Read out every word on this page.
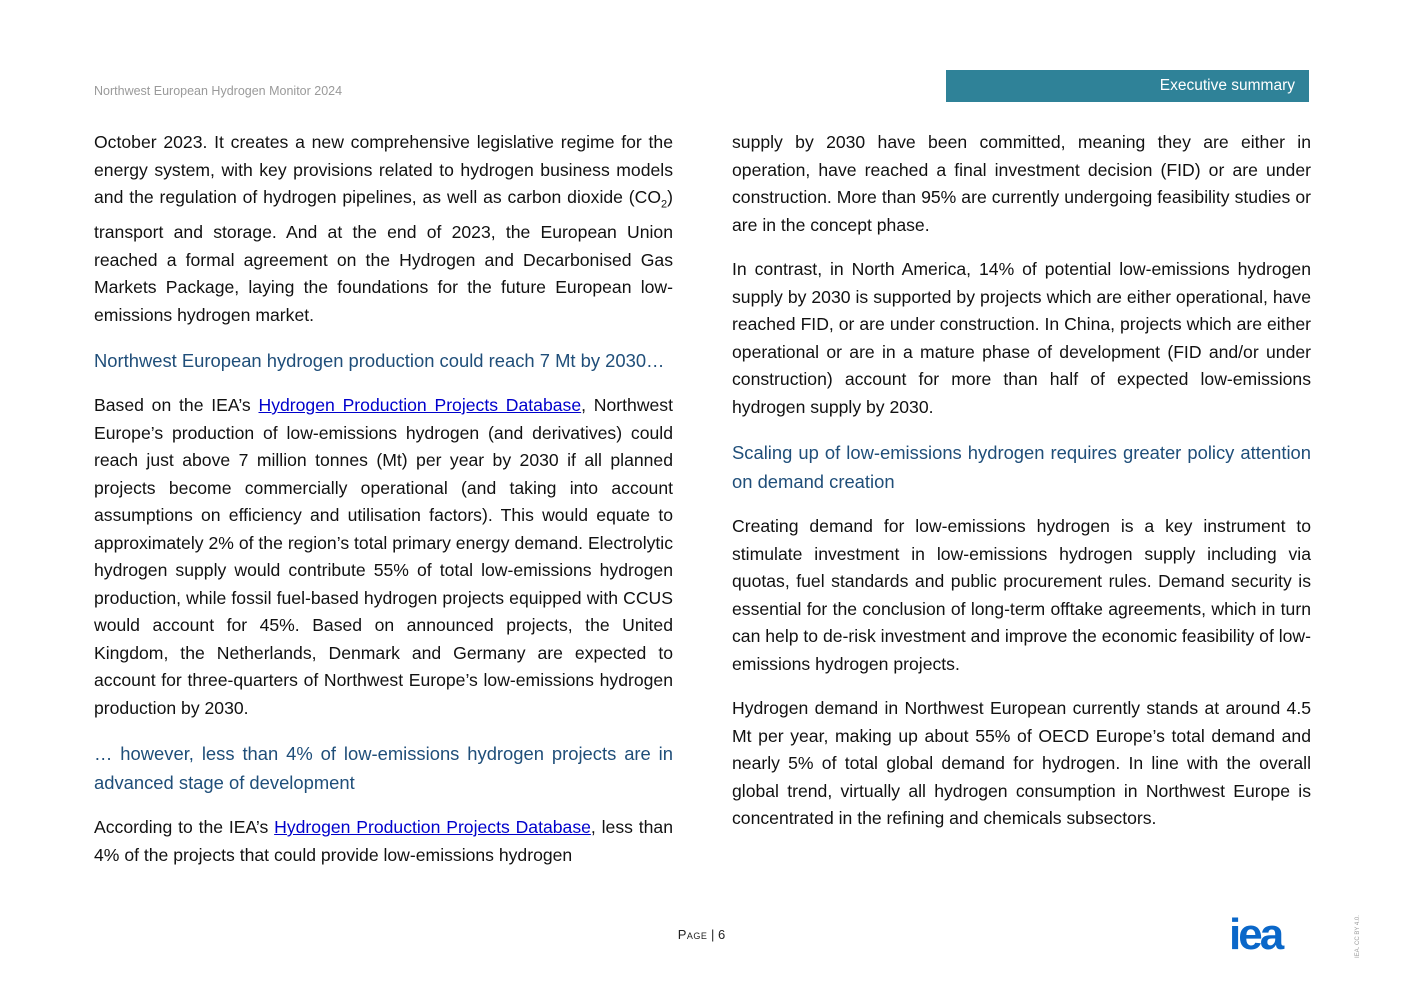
Northwest European Hydrogen Monitor 2024	Executive summary

October 2023. It creates a new comprehensive legislative regime for the energy system, with key provisions related to hydrogen business models and the regulation of hydrogen pipelines, as well as carbon dioxide $(CO_2)$ transport and storage. And at the end of 2023, the European Union reached a formal agreement on the Hydrogen and Decarbonised Gas Markets Package, laying the foundations for the future European low-emissions hydrogen market.

Northwest European hydrogen production could reach 7 Mt by 2030…

Based on the IEA’s Hydrogen Production Projects Database, Northwest Europe’s production of low-emissions hydrogen (and derivatives) could reach just above 7 million tonnes (Mt) per year by 2030 if all planned projects become commercially operational (and taking into account assumptions on efficiency and utilisation factors). This would equate to approximately 2% of the region’s total primary energy demand. Electrolytic hydrogen supply would contribute 55% of total low-emissions hydrogen production, while fossil fuel-based hydrogen projects equipped with CCUS would account for 45%. Based on announced projects, the United Kingdom, the Netherlands, Denmark and Germany are expected to account for three-quarters of Northwest Europe’s low-emissions hydrogen production by 2030.

… however, less than 4% of low-emissions hydrogen projects are in advanced stage of development

According to the IEA’s Hydrogen Production Projects Database, less than 4% of the projects that could provide low-emissions hydrogen

supply by 2030 have been committed, meaning they are either in operation, have reached a final investment decision (FID) or are under construction. More than 95% are currently undergoing feasibility studies or are in the concept phase.

In contrast, in North America, 14% of potential low-emissions hydrogen supply by 2030 is supported by projects which are either operational, have reached FID, or are under construction. In China, projects which are either operational or are in a mature phase of development (FID and/or under construction) account for more than half of expected low-emissions hydrogen supply by 2030.

Scaling up of low-emissions hydrogen requires greater policy attention on demand creation

Creating demand for low-emissions hydrogen is a key instrument to stimulate investment in low-emissions hydrogen supply including via quotas, fuel standards and public procurement rules. Demand security is essential for the conclusion of long-term offtake agreements, which in turn can help to de-risk investment and improve the economic feasibility of low-emissions hydrogen projects.

Hydrogen demand in Northwest European currently stands at around 4.5 Mt per year, making up about 55% of OECD Europe’s total demand and nearly 5% of total global demand for hydrogen. In line with the overall global trend, virtually all hydrogen consumption in Northwest Europe is concentrated in the refining and chemicals subsectors.

Page | 6	iea	IEA. CC BY 4.0.
